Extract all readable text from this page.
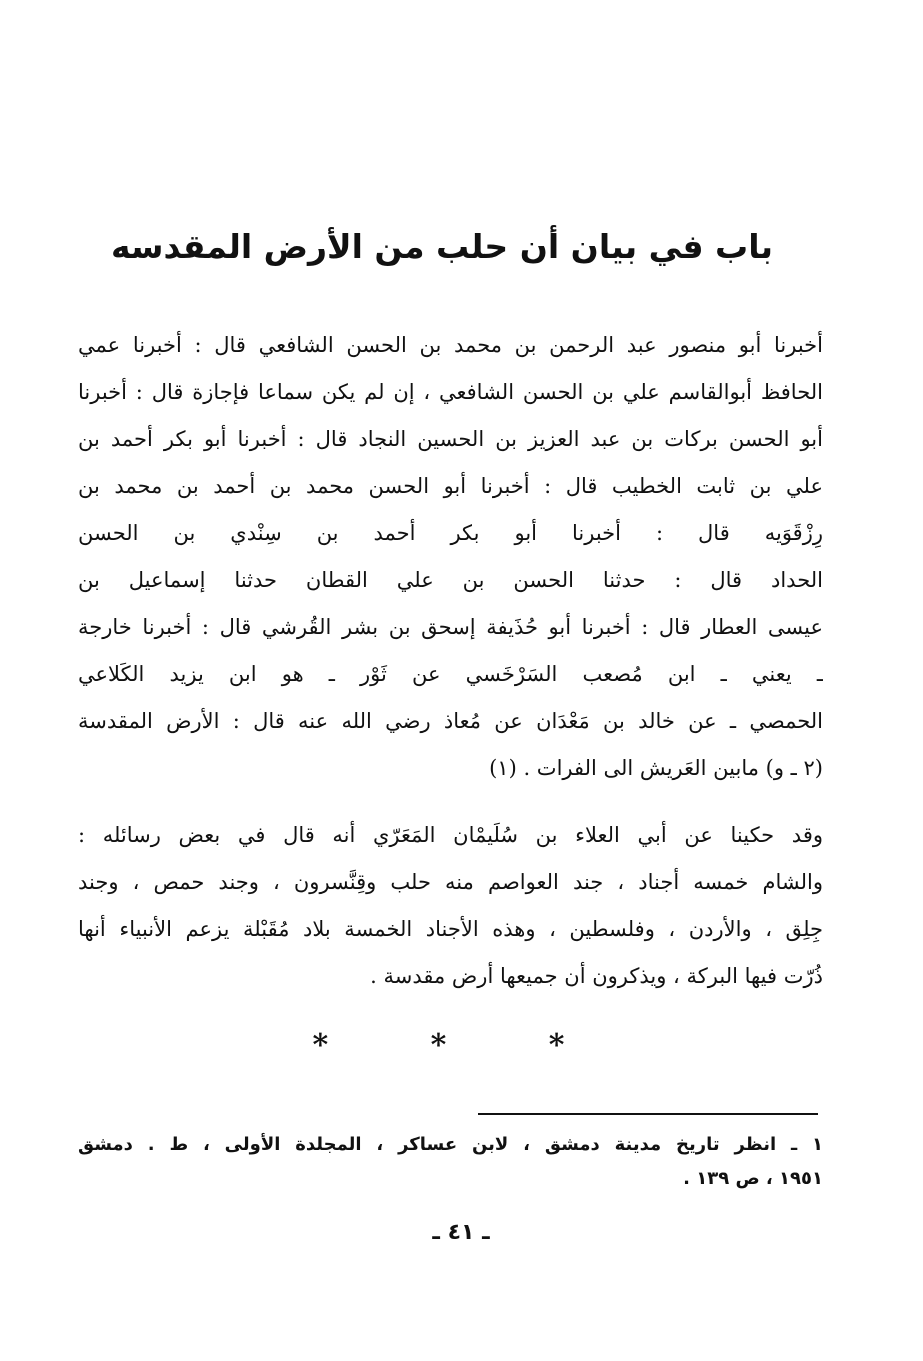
باب في بيان أن حلب من الأرض المقدسه

أخبرنا أبو منصور عبد الرحمن بن محمد بن الحسن الشافعي قال : أخبرنا عمي
الحافظ أبوالقاسم علي بن الحسن الشافعي ، إن لم يكن سماعا فإجازة قال : أخبرنا
أبو الحسن بركات بن عبد العزيز بن الحسين النجاد قال : أخبرنا أبو بكر أحمد بن
علي بن ثابت الخطيب قال : أخبرنا أبو الحسن محمد بن أحمد بن محمد بن
رِزْقَوَيه قال : أخبرنا أبو بكر أحمد بن سِنْدي بن الحسن
الحداد قال : حدثنا الحسن بن علي القطان حدثنا إسماعيل بن
عيسى العطار قال : أخبرنا أبو حُذَيفة إسحق بن بشر القُرشي قال : أخبرنا خارجة
ـ يعني ـ ابن مُصعب السَرْخَسي عن ثَوْر ـ هو ابن يزيد الكَلاعي
الحمصي ـ عن خالد بن مَعْدَان عن مُعاذ رضي الله عنه قال : الأرض المقدسة
(٢ ـ و) مابين العَريش الى الفرات . (١)

وقد حكينا عن أبي العلاء بن سُلَيمْان المَعَرّي أنه قال في بعض رسائله :
والشام خمسه أجناد ، جند العواصم منه حلب وقِنَّسرون ، وجند حمص ، وجند
جِلِق ، والأردن ، وفلسطين ، وهذه الأجناد الخمسة بلاد مُقَبْلة يزعم الأنبياء أنها
ذُرّت فيها البركة ، ويذكرون أن جميعها أرض مقدسة .

* * *

١ ـ انظر تاريخ مدينة دمشق ، لابن عساكر ، المجلدة الأولى ، ط . دمشق
١٩٥١ ، ص ١٣٩ .

ـ ٤١ ـ
